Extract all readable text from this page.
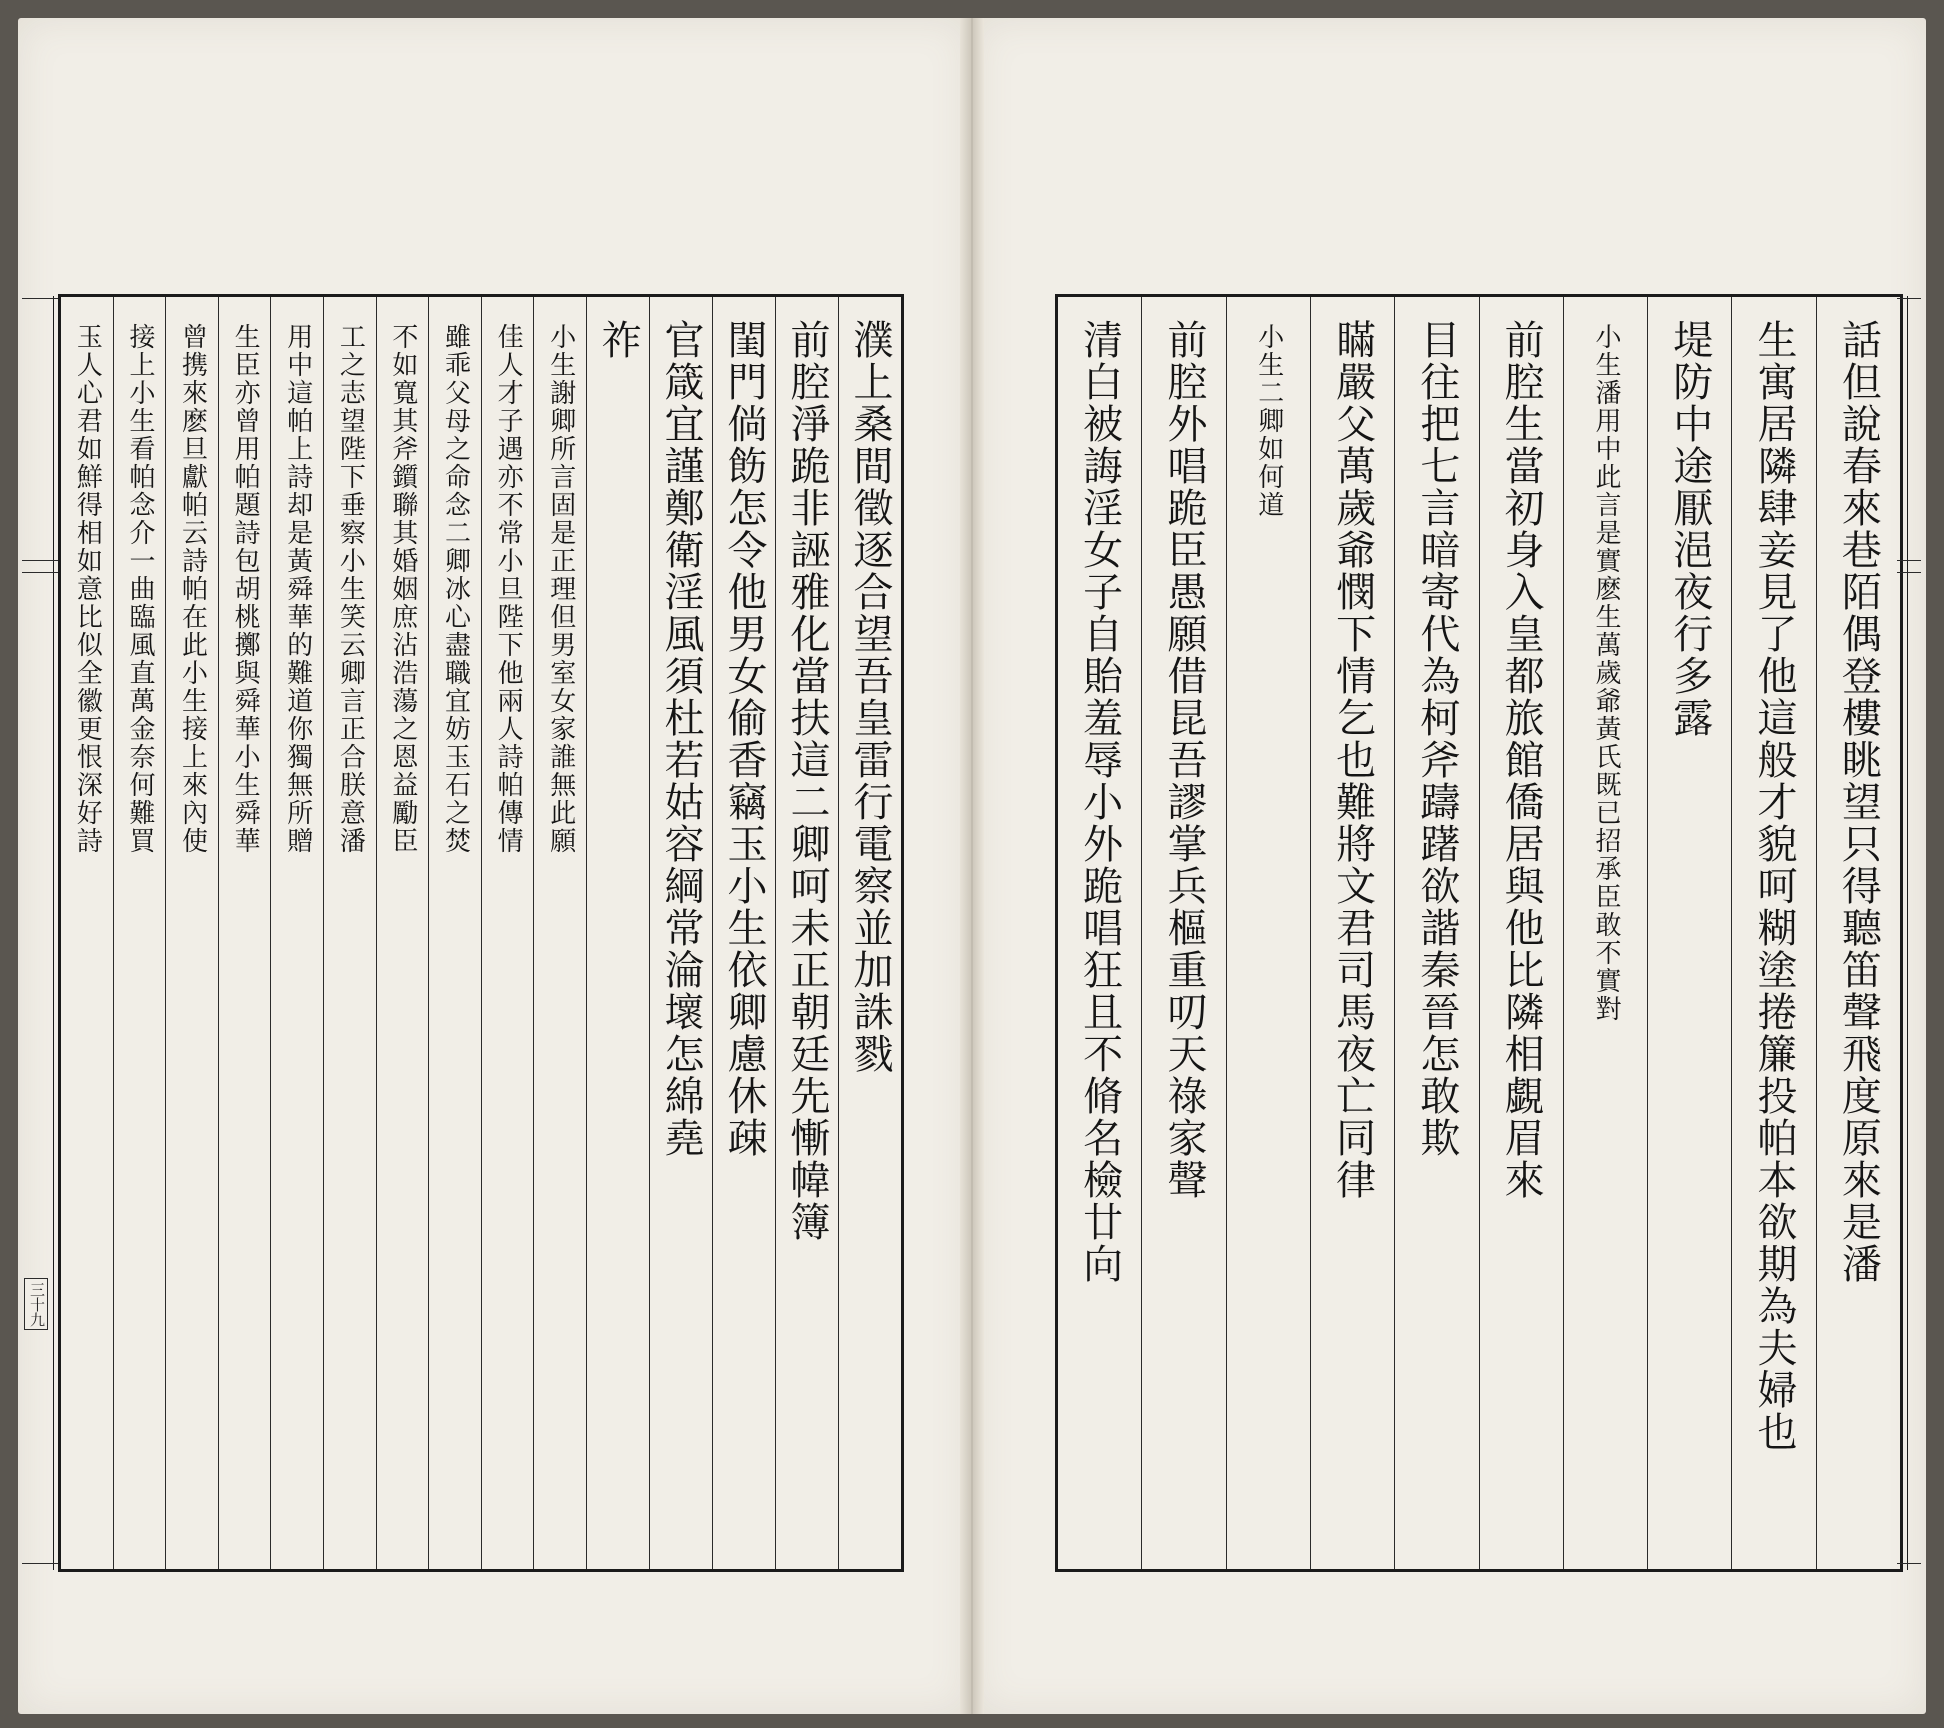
濮上桑間徵逐合望吾皇雷行電察並加誅戮
前腔淨跪非誣雅化當扶這二卿呵未正朝廷先慚幃簿
閨門倘飭怎令他男女偷香竊玉小生依卿慮休疎
官箴宜謹鄭衛淫風須杜若姑容綱常淪壞怎綿堯
祚
小生謝卿所言固是正理但男室女家誰無此願
佳人才子遇亦不常小旦陛下他兩人詩帕傳情
雖乖父母之命念二卿冰心盡職宜妨玉石之焚
不如寬其斧鑕聯其婚姻庶沾浩蕩之恩益勵臣
工之志望陛下垂察小生笑云卿言正合朕意潘
用中這帕上詩却是黃舜華的難道你獨無所贈
生臣亦曾用帕題詩包胡桃擲與舜華小生舜華
曾携來麽旦獻帕云詩帕在此小生接上來內使
接上小生看帕念介一曲臨風直萬金奈何難買
玉人心君如鮮得相如意比似全徽更恨深好詩
三十九
話但說春來巷陌偶登樓眺望只得聽笛聲飛度原來是潘
生寓居隣肆妾見了他這般才貌呵糊塗捲簾投帕本欲期為夫婦也
堤防中途厭浥夜行多露
小生潘用中此言是實麽生萬歲爺黃氏既已招承臣敢不實對
前腔生當初身入皇都旅館僑居與他比隣相覷眉來
目往把七言暗寄代為柯斧躊躇欲諧秦晉怎敢欺
瞞嚴父萬歲爺憫下情乞也難將文君司馬夜亡同律
小生二卿如何道
前腔外唱跪臣愚願借昆吾謬掌兵樞重叨天祿家聲
清白被誨淫女子自貽羞辱小外跪唱狂且不脩名檢廿向
